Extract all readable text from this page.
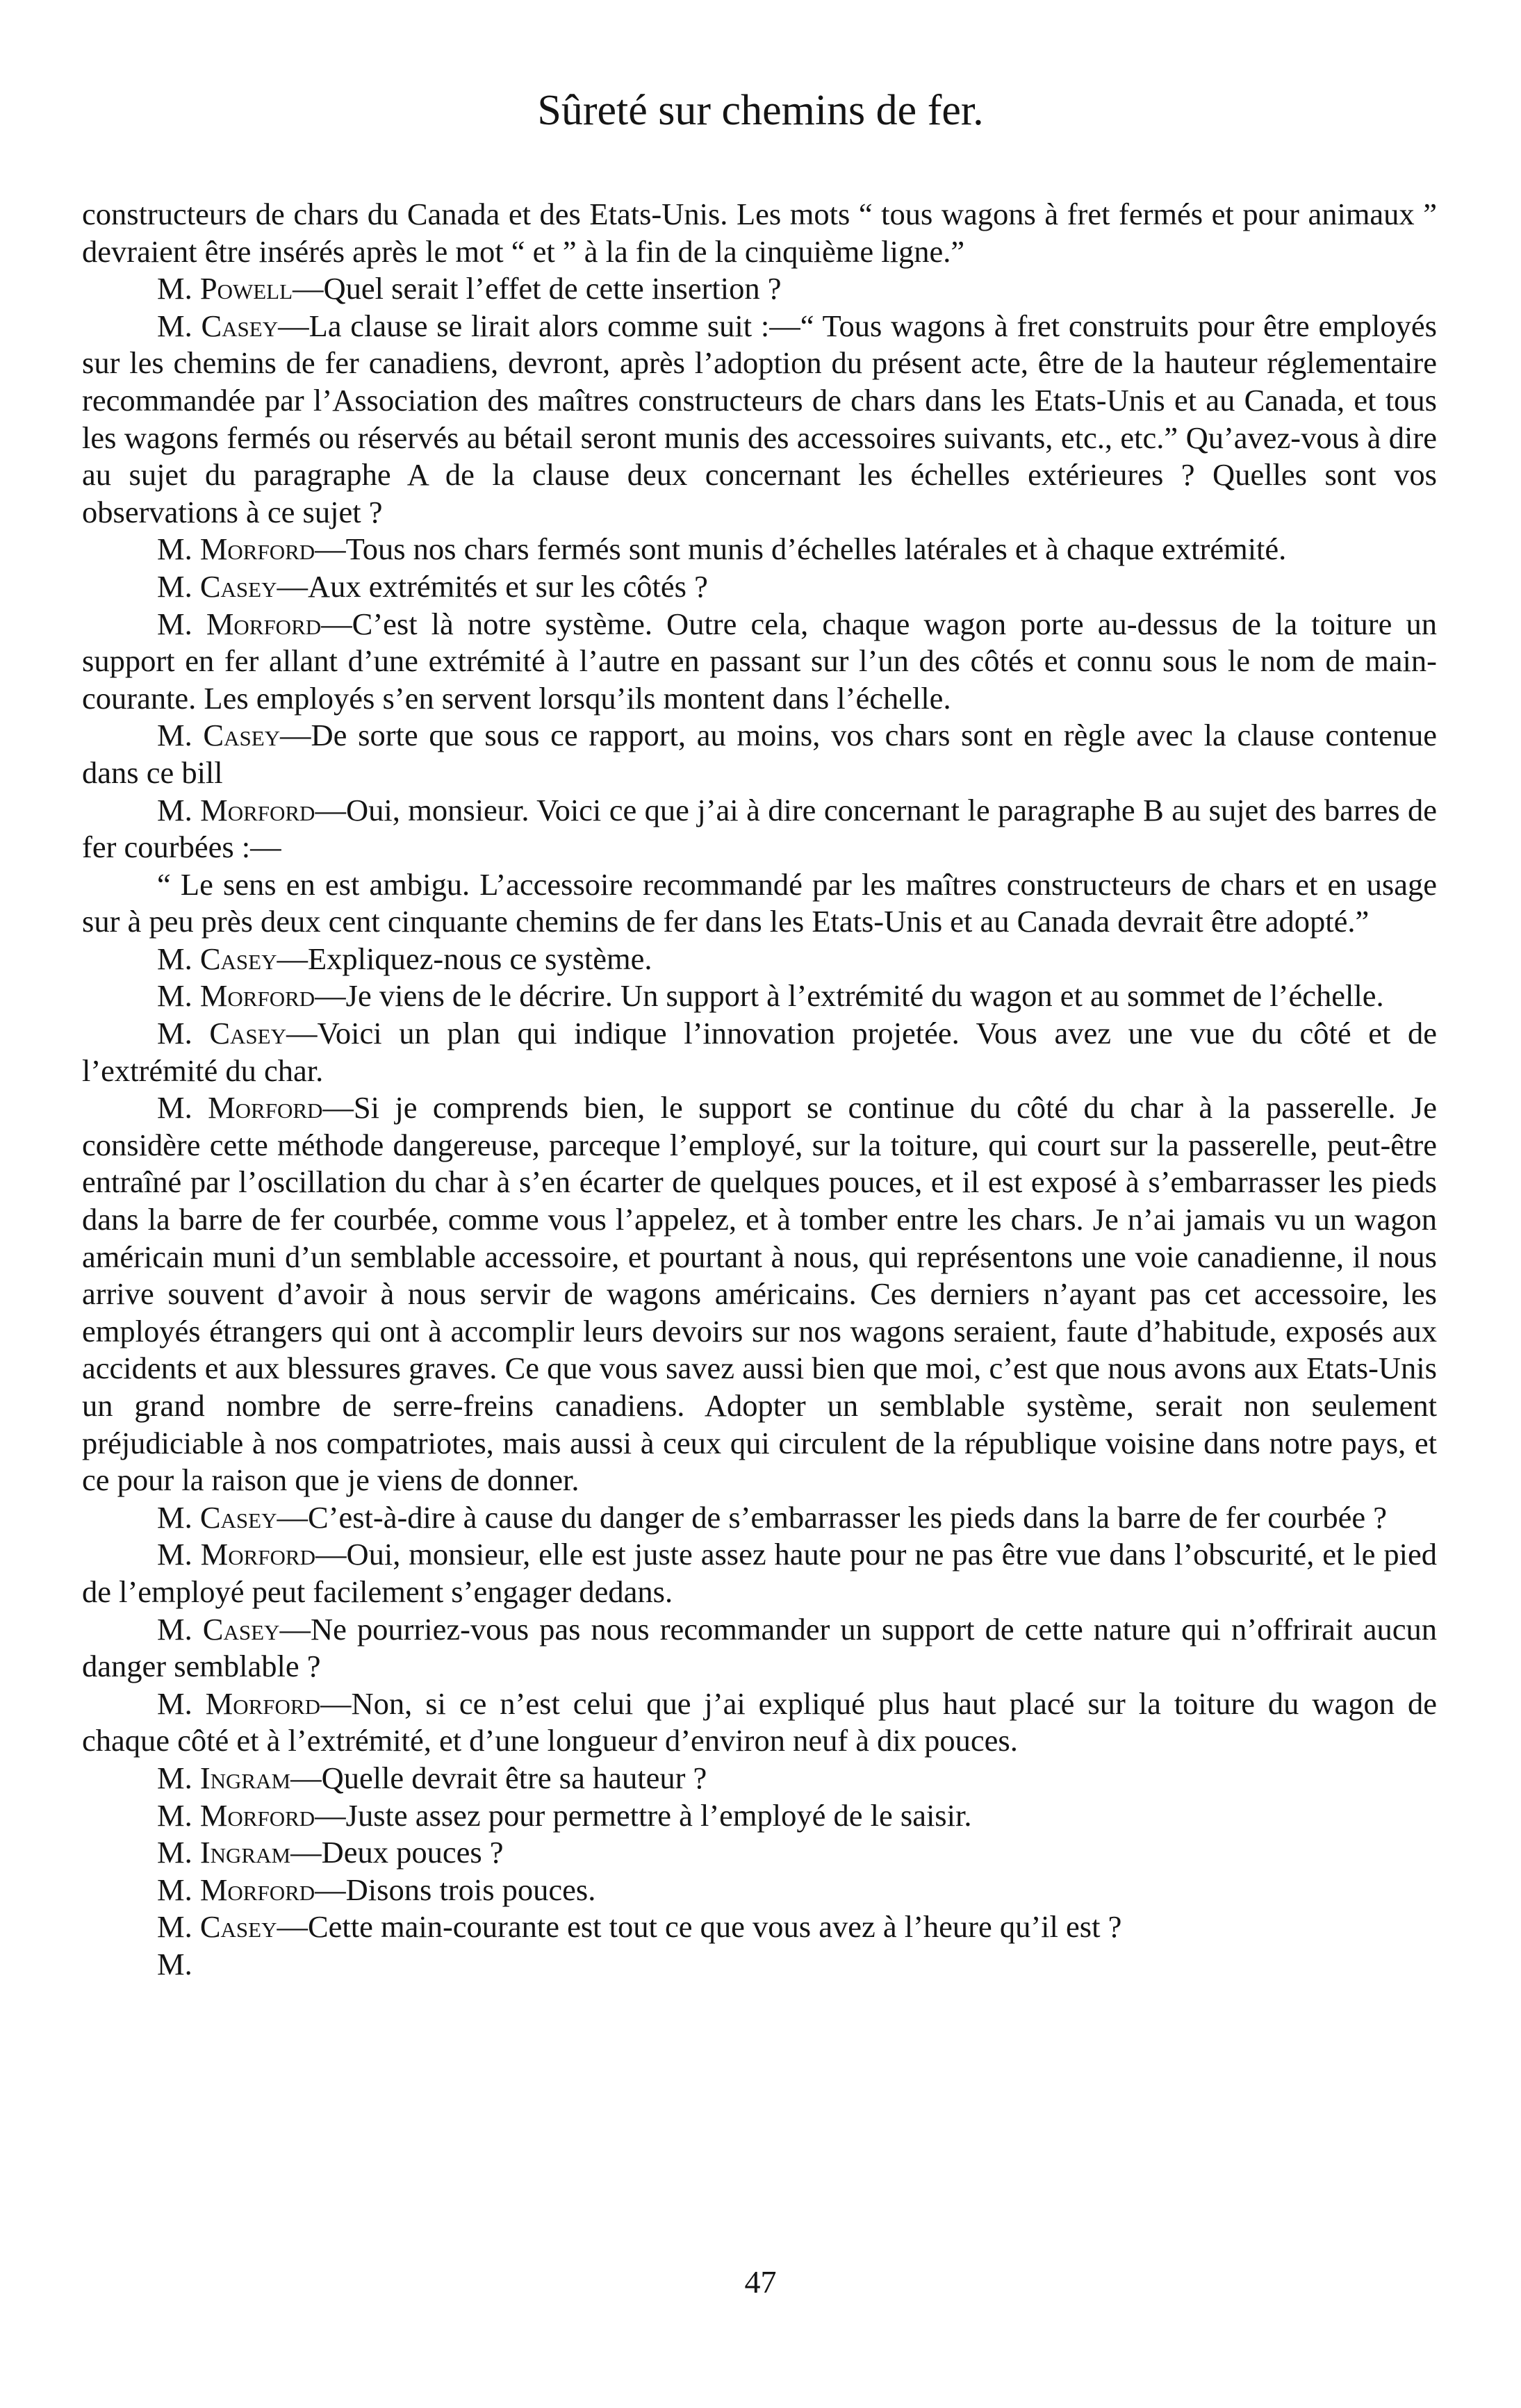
Sûreté sur chemins de fer.

constructeurs de chars du Canada et des Etats-Unis. Les mots “ tous wagons à fret fermés et pour animaux ” devraient être insérés après le mot “ et ” à la fin de la cinquième ligne.”

M. Powell—Quel serait l’effet de cette insertion ?

M. Casey—La clause se lirait alors comme suit :—“ Tous wagons à fret construits pour être employés sur les chemins de fer canadiens, devront, après l’adoption du présent acte, être de la hauteur réglementaire recommandée par l’Association des maîtres constructeurs de chars dans les Etats-Unis et au Canada, et tous les wagons fermés ou réservés au bétail seront munis des accessoires suivants, etc., etc.” Qu’avez-vous à dire au sujet du paragraphe A de la clause deux concernant les échelles extérieures ? Quelles sont vos observations à ce sujet ?

M. Morford—Tous nos chars fermés sont munis d’échelles latérales et à chaque extrémité.

M. Casey—Aux extrémités et sur les côtés ?

M. Morford—C’est là notre système. Outre cela, chaque wagon porte au-dessus de la toiture un support en fer allant d’une extrémité à l’autre en passant sur l’un des côtés et connu sous le nom de main-courante. Les employés s’en servent lorsqu’ils montent dans l’échelle.

M. Casey—De sorte que sous ce rapport, au moins, vos chars sont en règle avec la clause contenue dans ce bill

M. Morford—Oui, monsieur. Voici ce que j’ai à dire concernant le paragraphe B au sujet des barres de fer courbées :—

“ Le sens en est ambigu. L’accessoire recommandé par les maîtres constructeurs de chars et en usage sur à peu près deux cent cinquante chemins de fer dans les Etats-Unis et au Canada devrait être adopté.”

M. Casey—Expliquez-nous ce système.

M. Morford—Je viens de le décrire. Un support à l’extrémité du wagon et au sommet de l’échelle.

M. Casey—Voici un plan qui indique l’innovation projetée. Vous avez une vue du côté et de l’extrémité du char.

M. Morford—Si je comprends bien, le support se continue du côté du char à la passerelle. Je considère cette méthode dangereuse, parceque l’employé, sur la toiture, qui court sur la passerelle, peut-être entraîné par l’oscillation du char à s’en écarter de quelques pouces, et il est exposé à s’embarrasser les pieds dans la barre de fer courbée, comme vous l’appelez, et à tomber entre les chars. Je n’ai jamais vu un wagon américain muni d’un semblable accessoire, et pourtant à nous, qui représentons une voie canadienne, il nous arrive souvent d’avoir à nous servir de wagons américains. Ces derniers n’ayant pas cet accessoire, les employés étrangers qui ont à accomplir leurs devoirs sur nos wagons seraient, faute d’habitude, exposés aux accidents et aux blessures graves. Ce que vous savez aussi bien que moi, c’est que nous avons aux Etats-Unis un grand nombre de serre-freins canadiens. Adopter un semblable système, serait non seulement préjudiciable à nos compatriotes, mais aussi à ceux qui circulent de la république voisine dans notre pays, et ce pour la raison que je viens de donner.

M. Casey—C’est-à-dire à cause du danger de s’embarrasser les pieds dans la barre de fer courbée ?

M. Morford—Oui, monsieur, elle est juste assez haute pour ne pas être vue dans l’obscurité, et le pied de l’employé peut facilement s’engager dedans.

M. Casey—Ne pourriez-vous pas nous recommander un support de cette nature qui n’offrirait aucun danger semblable ?

M. Morford—Non, si ce n’est celui que j’ai expliqué plus haut placé sur la toiture du wagon de chaque côté et à l’extrémité, et d’une longueur d’environ neuf à dix pouces.

M. Ingram—Quelle devrait être sa hauteur ?

M. Morford—Juste assez pour permettre à l’employé de le saisir.

M. Ingram—Deux pouces ?

M. Morford—Disons trois pouces.

M. Casey—Cette main-courante est tout ce que vous avez à l’heure qu’il est ?

M.

47
